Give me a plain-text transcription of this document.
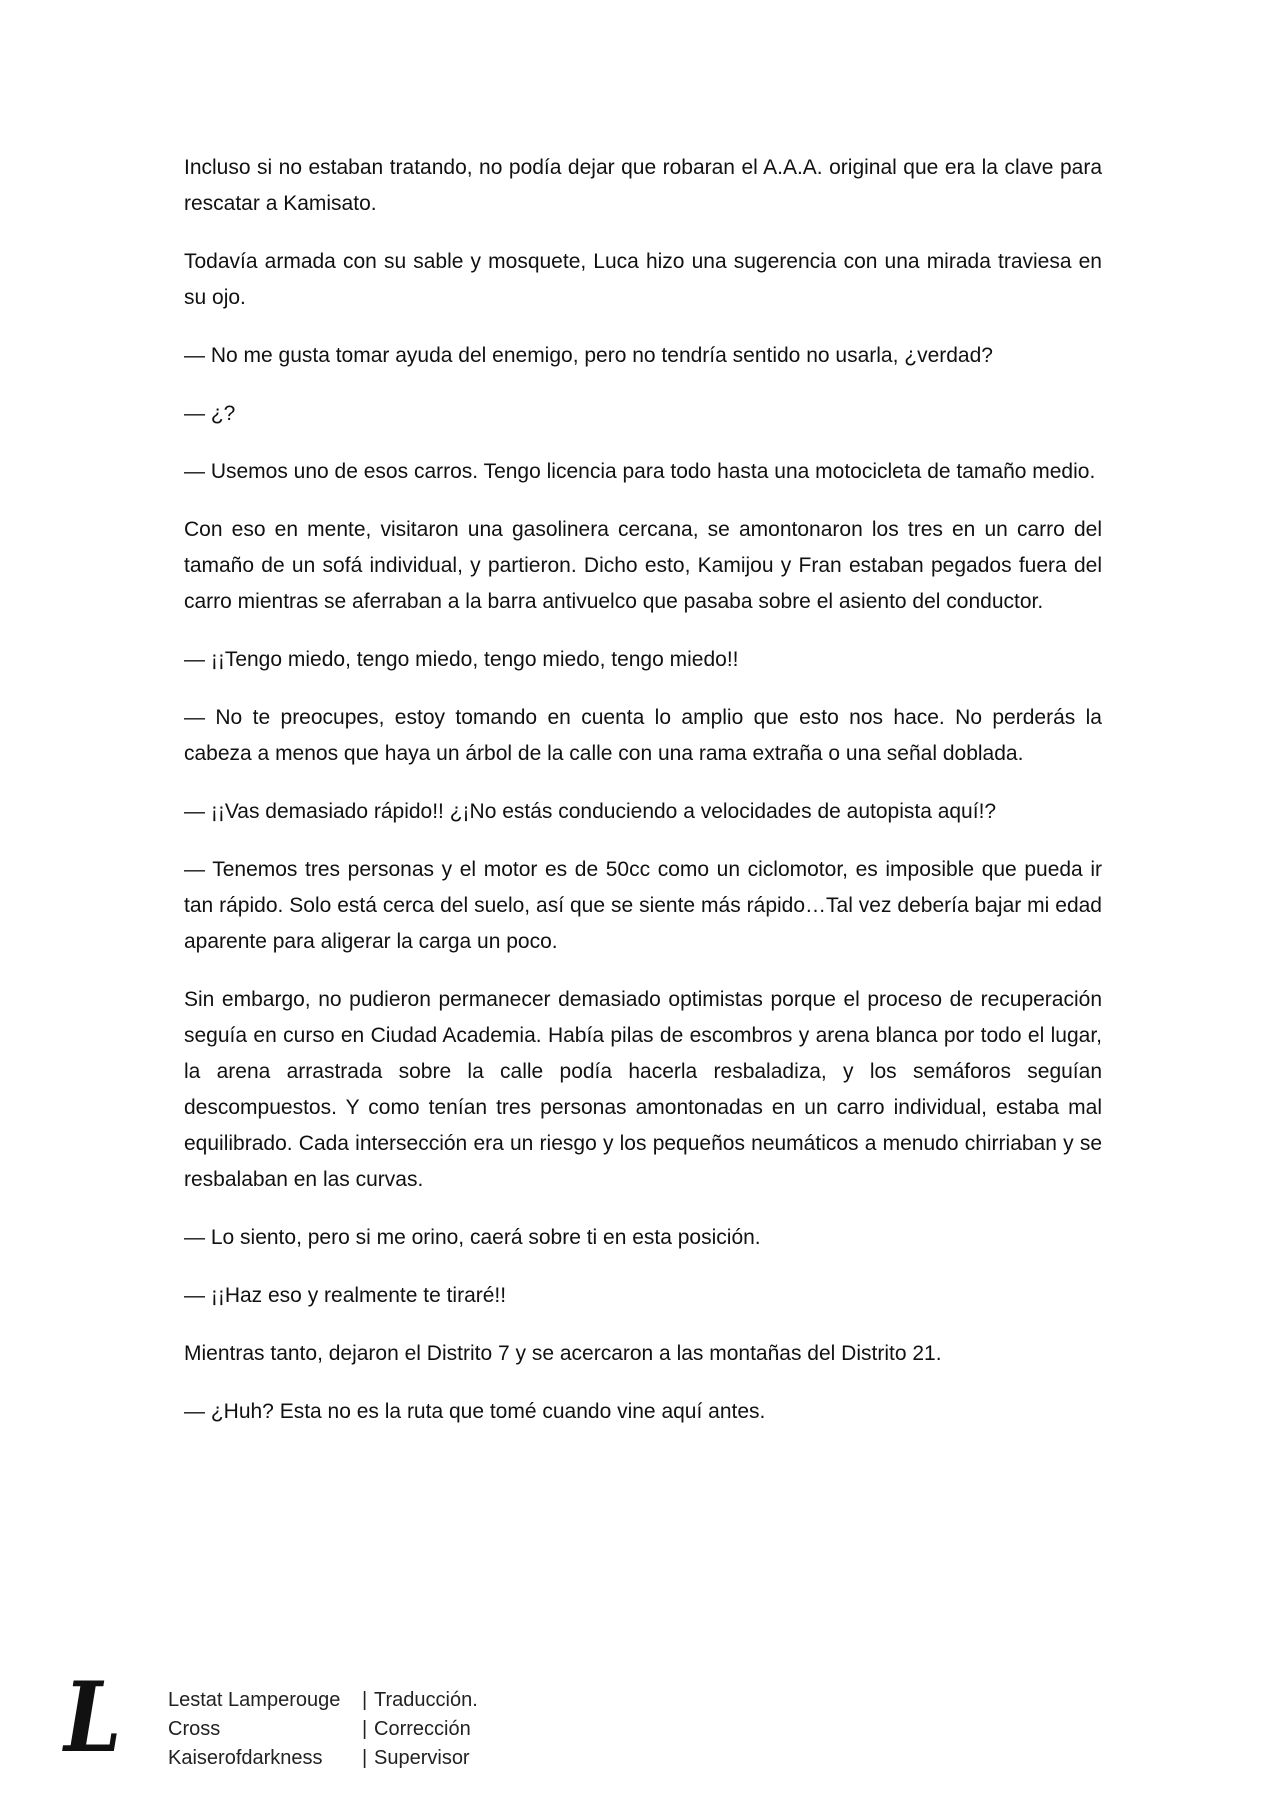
Incluso si no estaban tratando, no podía dejar que robaran el A.A.A. original que era la clave para rescatar a Kamisato.

Todavía armada con su sable y mosquete, Luca hizo una sugerencia con una mirada traviesa en su ojo.

— No me gusta tomar ayuda del enemigo, pero no tendría sentido no usarla, ¿verdad?

— ¿?

— Usemos uno de esos carros. Tengo licencia para todo hasta una motocicleta de tamaño medio.

Con eso en mente, visitaron una gasolinera cercana, se amontonaron los tres en un carro del tamaño de un sofá individual, y partieron. Dicho esto, Kamijou y Fran estaban pegados fuera del carro mientras se aferraban a la barra antivuelco que pasaba sobre el asiento del conductor.

— ¡¡Tengo miedo, tengo miedo, tengo miedo, tengo miedo!!

— No te preocupes, estoy tomando en cuenta lo amplio que esto nos hace. No perderás la cabeza a menos que haya un árbol de la calle con una rama extraña o una señal doblada.

— ¡¡Vas demasiado rápido!! ¿¡No estás conduciendo a velocidades de autopista aquí!?

— Tenemos tres personas y el motor es de 50cc como un ciclomotor, es imposible que pueda ir tan rápido. Solo está cerca del suelo, así que se siente más rápido…Tal vez debería bajar mi edad aparente para aligerar la carga un poco.

Sin embargo, no pudieron permanecer demasiado optimistas porque el proceso de recuperación seguía en curso en Ciudad Academia. Había pilas de escombros y arena blanca por todo el lugar, la arena arrastrada sobre la calle podía hacerla resbaladiza, y los semáforos seguían descompuestos. Y como tenían tres personas amontonadas en un carro individual, estaba mal equilibrado. Cada intersección era un riesgo y los pequeños neumáticos a menudo chirriaban y se resbalaban en las curvas.

— Lo siento, pero si me orino, caerá sobre ti en esta posición.

— ¡¡Haz eso y realmente te tiraré!!

Mientras tanto, dejaron el Distrito 7 y se acercaron a las montañas del Distrito 21.

— ¿Huh? Esta no es la ruta que tomé cuando vine aquí antes.

L Lestat Lamperouge	| Traducción.
Cross	| Corrección
Kaiserofdarkness	| Supervisor
